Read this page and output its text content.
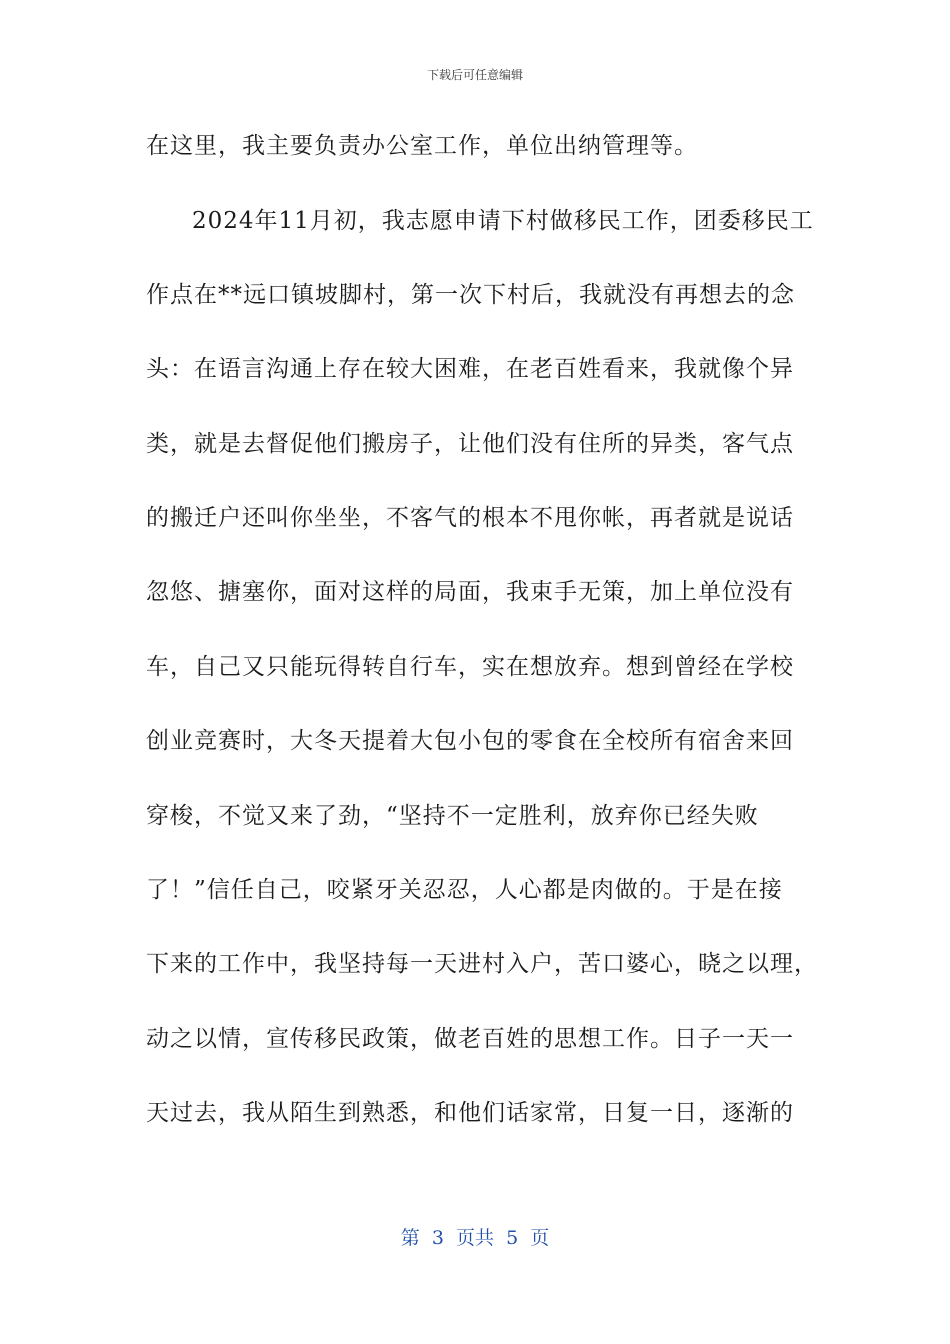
下载后可任意编辑
在这里，我主要负责办公室工作，单位出纳管理等。
2024年11月初，我志愿申请下村做移民工作，团委移民工
作点在**远口镇坡脚村，第一次下村后，我就没有再想去的念
头：在语言沟通上存在较大困难，在老百姓看来，我就像个异
类，就是去督促他们搬房子，让他们没有住所的异类，客气点
的搬迁户还叫你坐坐，不客气的根本不甩你帐，再者就是说话
忽悠、搪塞你，面对这样的局面，我束手无策，加上单位没有
车，自己又只能玩得转自行车，实在想放弃。想到曾经在学校
创业竞赛时，大冬天提着大包小包的零食在全校所有宿舍来回
穿梭，不觉又来了劲，“坚持不一定胜利，放弃你已经失败
了！”信任自己，咬紧牙关忍忍，人心都是肉做的。于是在接
下来的工作中，我坚持每一天进村入户，苦口婆心，晓之以理，
动之以情，宣传移民政策，做老百姓的思想工作。日子一天一
天过去，我从陌生到熟悉，和他们话家常，日复一日，逐渐的
第  3  页共  5  页
